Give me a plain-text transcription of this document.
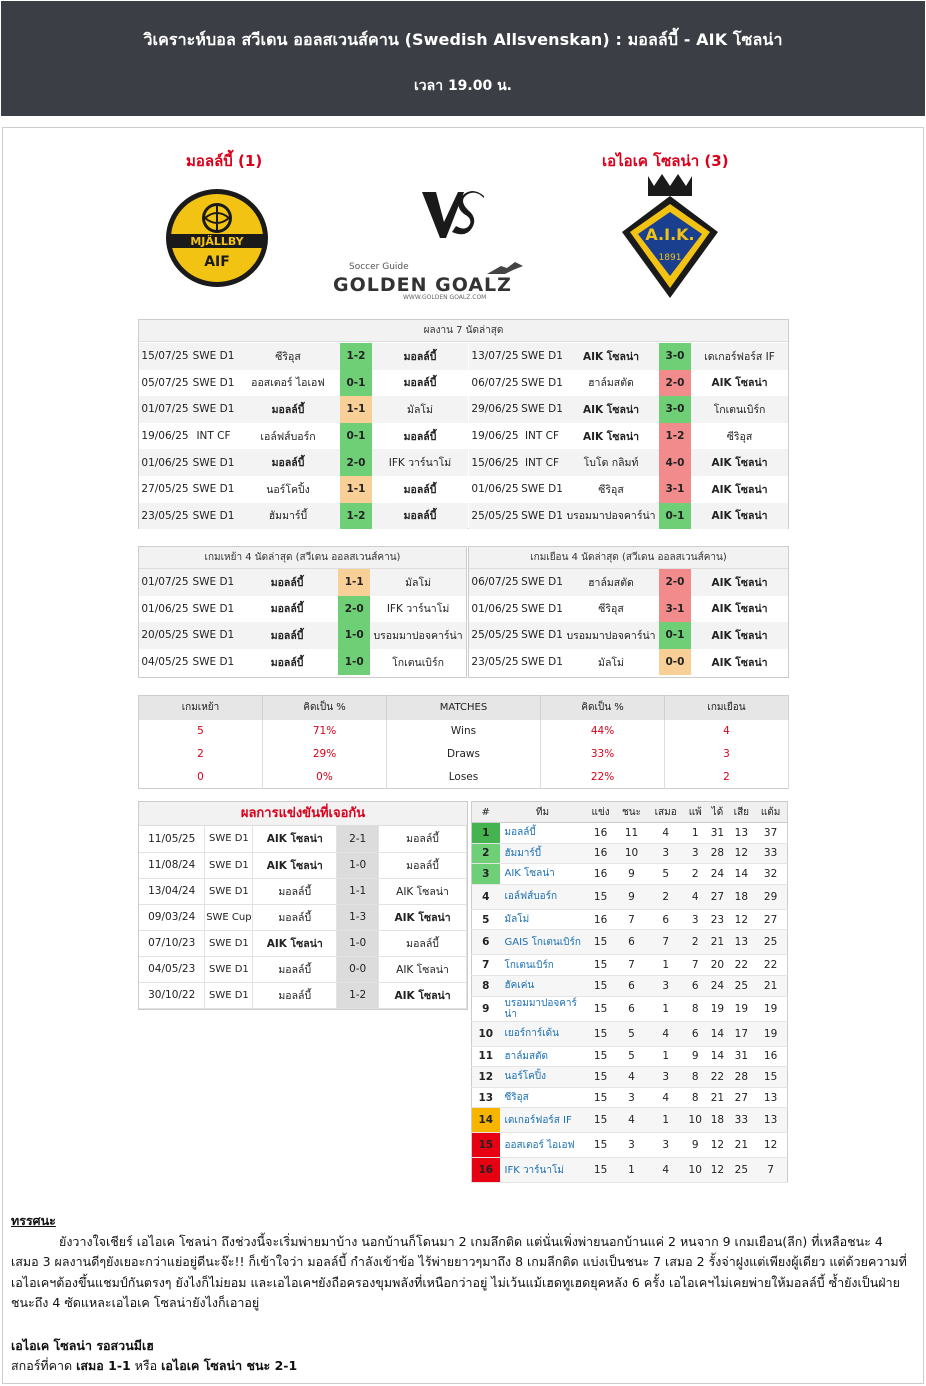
วิเคราะห์บอล สวีเดน ออลสเวนส์คาน (Swedish Allsvenskan) : มอลล์บี้ - AIK โซลน่า
เวลา 19.00 น.
มอลล์บี้ (1)	เอไอเค โซลน่า (3)
MJÄLLBY
AIF	Soccer Guide
GOLDEN GOALZ
WWW.GOLDEN GOALZ.COM
A.I.K.
1891
ผลงาน 7 นัดล่าสุด
15/07/25	SWE D1	ซีริอุส	1-2	มอลล์บี้
05/07/25	SWE D1	ออสเตอร์ ไอเอฟ	0-1	มอลล์บี้
01/07/25	SWE D1	มอลล์บี้	1-1	มัลโม่
19/06/25	INT CF	เอล์ฟส์บอร์ก	0-1	มอลล์บี้
01/06/25	SWE D1	มอลล์บี้	2-0	IFK วาร์นาโม่
27/05/25	SWE D1	นอร์โคปิ้ง	1-1	มอลล์บี้
23/05/25	SWE D1	ฮัมมาร์บี้	1-2	มอลล์บี้
13/07/25	SWE D1	AIK โซลน่า	3-0	เดเกอร์ฟอร์ส IF
06/07/25	SWE D1	ฮาล์มสตัด	2-0	AIK โซลน่า
29/06/25	SWE D1	AIK โซลน่า	3-0	โกเตนเบิร์ก
19/06/25	INT CF	AIK โซลน่า	1-2	ซีริอุส
15/06/25	INT CF	โบโด กลิมท์	4-0	AIK โซลน่า
01/06/25	SWE D1	ซีริอุส	3-1	AIK โซลน่า
25/05/25	SWE D1	บรอมมาปอจคาร์น่า	0-1	AIK โซลน่า
เกมเหย้า 4 นัดล่าสุด (สวีเดน ออลสเวนส์คาน)
01/07/25	SWE D1	มอลล์บี้	1-1	มัลโม่
01/06/25	SWE D1	มอลล์บี้	2-0	IFK วาร์นาโม่
20/05/25	SWE D1	มอลล์บี้	1-0	บรอมมาปอจคาร์น่า
04/05/25	SWE D1	มอลล์บี้	1-0	โกเตนเบิร์ก
เกมเยือน 4 นัดล่าสุด (สวีเดน ออลสเวนส์คาน)
06/07/25	SWE D1	ฮาล์มสตัด	2-0	AIK โซลน่า
01/06/25	SWE D1	ซีริอุส	3-1	AIK โซลน่า
25/05/25	SWE D1	บรอมมาปอจคาร์น่า	0-1	AIK โซลน่า
23/05/25	SWE D1	มัลโม่	0-0	AIK โซลน่า
เกมเหย้า	คิดเป็น %	MATCHES	คิดเป็น %	เกมเยือน
5	71%	Wins	44%	4
2	29%	Draws	33%	3
0	0%	Loses	22%	2
ผลการแข่งขันที่เจอกัน
11/05/25	SWE D1	AIK โซลน่า	2-1	มอลล์บี้
11/08/24	SWE D1	AIK โซลน่า	1-0	มอลล์บี้
13/04/24	SWE D1	มอลล์บี้	1-1	AIK โซลน่า
09/03/24	SWE Cup	มอลล์บี้	1-3	AIK โซลน่า
07/10/23	SWE D1	AIK โซลน่า	1-0	มอลล์บี้
04/05/23	SWE D1	มอลล์บี้	0-0	AIK โซลน่า
30/10/22	SWE D1	มอลล์บี้	1-2	AIK โซลน่า
#	ทีม	แข่ง	ชนะ	เสมอ	แพ้	ได้	เสีย	แต้ม
1	มอลล์บี้	16	11	4	1	31	13	37
2	ฮัมมาร์บี้	16	10	3	3	28	12	33
3	AIK โซลน่า	16	9	5	2	24	14	32
4	เอล์ฟส์บอร์ก	15	9	2	4	27	18	29
5	มัลโม่	16	7	6	3	23	12	27
6	GAIS โกเตนเบิร์ก	15	6	7	2	21	13	25
7	โกเตนเบิร์ก	15	7	1	7	20	22	22
8	ฮัคเค่น	15	6	3	6	24	25	21
9	บรอมมาปอจคาร์น่า	15	6	1	8	19	19	19
10	เยอร์การ์เด้น	15	5	4	6	14	17	19
11	ฮาล์มสตัด	15	5	1	9	14	31	16
12	นอร์โคปิ้ง	15	4	3	8	22	28	15
13	ซีริอุส	15	3	4	8	21	27	13
14	เดเกอร์ฟอร์ส IF	15	4	1	10	18	33	13
15	ออสเตอร์ ไอเอฟ	15	3	3	9	12	21	12
16	IFK วาร์นาโม่	15	1	4	10	12	25	7
ทรรศนะ
ยังวางใจเชียร์ เอไอเค โซลน่า ถึงช่วงนี้จะเริ่มพ่ายมาบ้าง นอกบ้านก็โดนมา 2 เกมลึกติด แต่นั่นเพิ่งพ่ายนอกบ้านแค่ 2 หนจาก 9 เกมเยือน(ลีก) ที่เหลือชนะ 4 เสมอ 3 ผลงานดีๆยังเยอะกว่าแย่อยู่ดีนะจ๊ะ!! ก็เข้าใจว่า มอลล์บี้ กำลังเข้าข้อ ไร้พ่ายยาวๆมาถึง 8 เกมลีกติด แบ่งเป็นชนะ 7 เสมอ 2 รั้งจ่าฝูงแต่เพียงผู้เดียว แต่ด้วยความที่เอไอเคฯต้องขึ้นแชมป์กันตรงๆ ยังไงก็ไม่ยอม และเอไอเคฯยังถือครองขุมพลังที่เหนือกว่าอยู่ ไม่เว้นแม้เฮดทูเฮดยุคหลัง 6 ครั้ง เอไอเคฯไม่เคยพ่ายให้มอลล์บี้ ซ้ำยังเป็นฝ่ายชนะถึง 4 ซัดแหละเอไอเค โซลน่ายังไงก็เอาอยู่
เอไอเค โซลน่า รอสวนมีเฮ
สกอร์ที่คาด เสมอ 1-1 หรือ เอไอเค โซลน่า ชนะ 2-1
